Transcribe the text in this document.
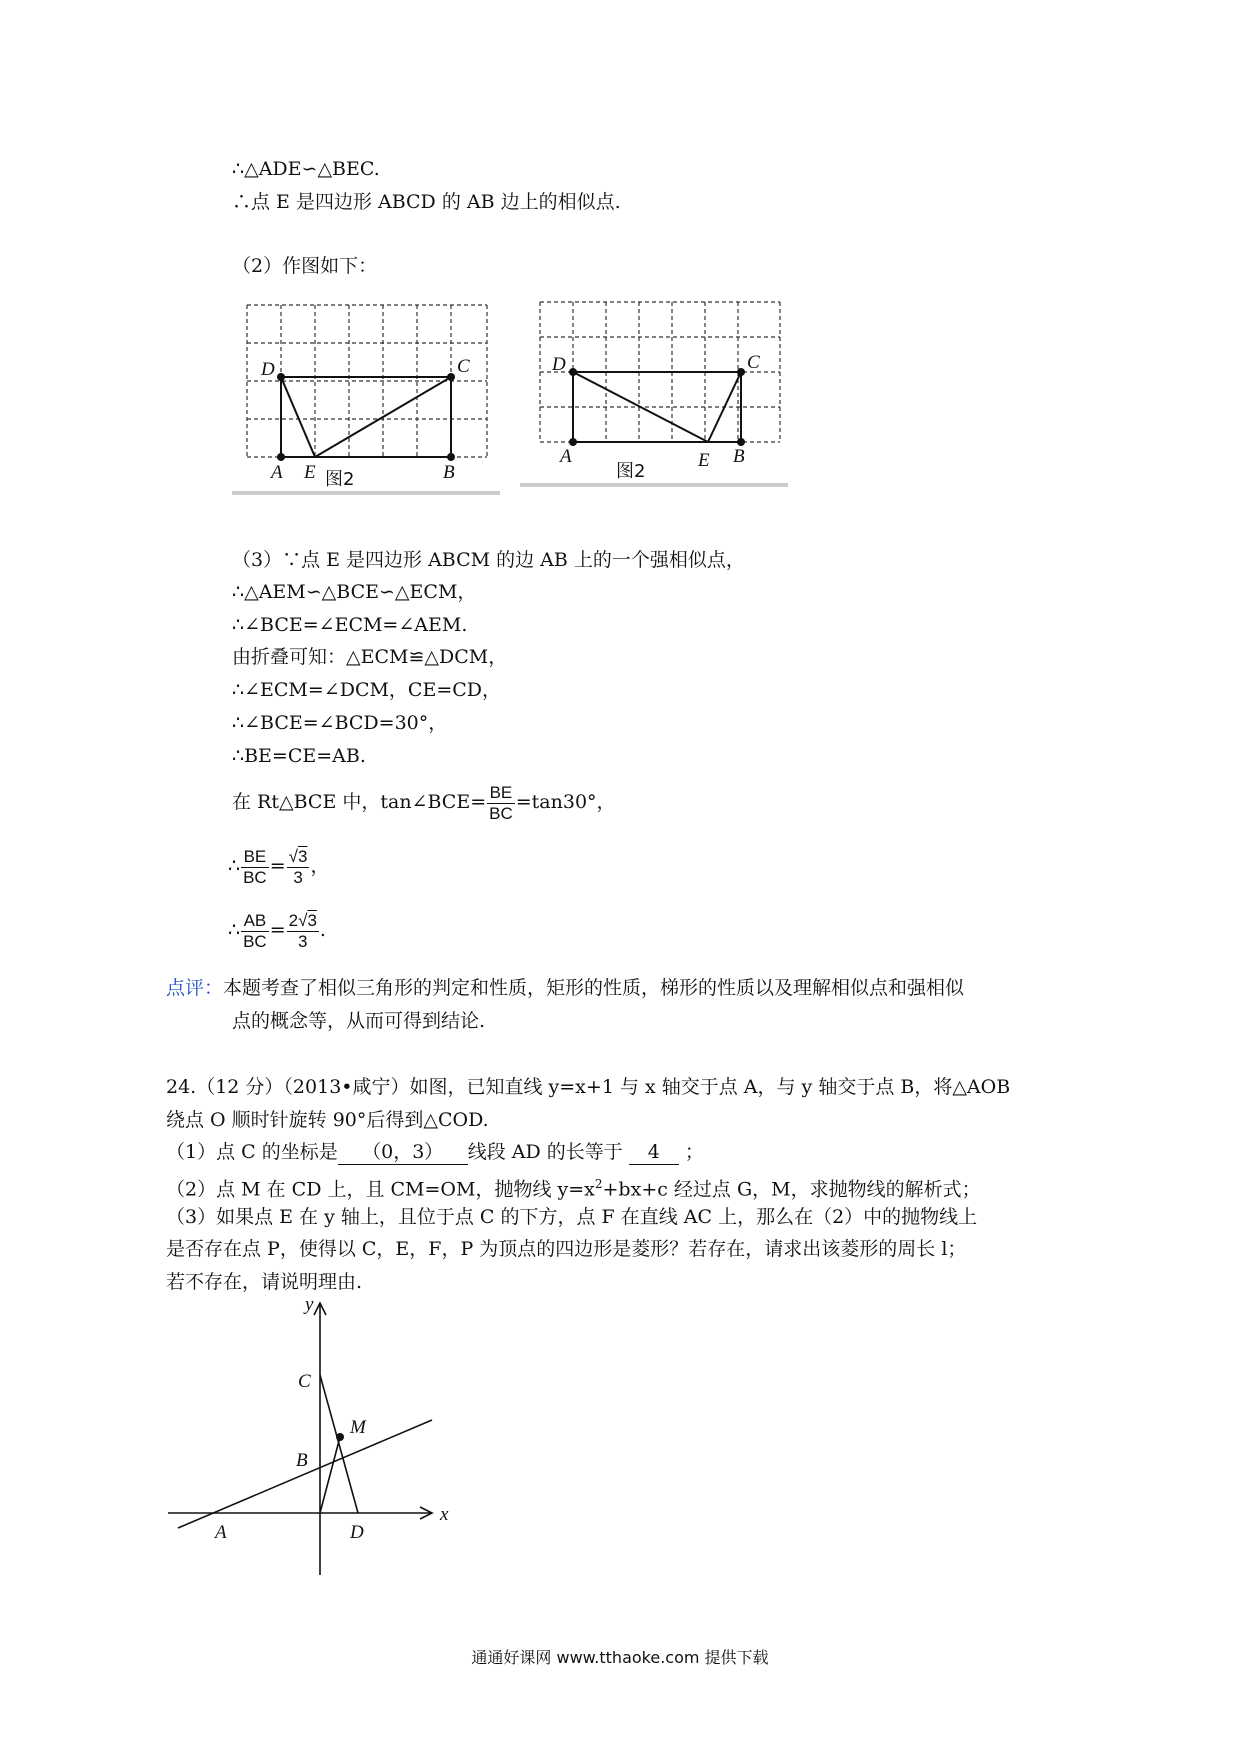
∴△ADE∽△BEC.
∴点 E 是四边形 ABCD 的 AB 边上的相似点.
（2）作图如下：
D	C
A E	B
图2
D	C
A	E B
图2
（3）∵点 E 是四边形 ABCM 的边 AB 上的一个强相似点，
∴△AEM∽△BCE∽△ECM，
∴∠BCE=∠ECM=∠AEM.
由折叠可知：△ECM≌△DCM，
∴∠ECM=∠DCM，CE=CD，
∴∠BCE=∠BCD=30°，
∴BE=CE=AB.
在 Rt△BCE 中，tan∠BCE= $\frac{BE}{BC} =\tan 30^\circ$，
∴ $\frac{BE}{BC} = \frac{√3}{3}$ ，
∴ $\frac{AB}{BC} = \frac{2√3}{3}$ .
点评：本题考查了相似三角形的判定和性质，矩形的性质，梯形的性质以及理解相似点和强相似
点的概念等，从而可得到结论.
24.（12 分）（2013•咸宁）如图，已知直线 y=x+1 与 x 轴交于点 A，与 y 轴交于点 B，将△AOB
绕点 O 顺时针旋转 90°后得到△COD.
（1）点 C 的坐标是 （0，3） 线段 AD 的长等于 4 ；
（2）点 M 在 CD 上，且 CM=OM，抛物线 $y=x^2+bx+c$ 经过点 G，M，求抛物线的解析式；
（3）如果点 E 在 y 轴上，且位于点 C 的下方，点 F 在直线 AC 上，那么在（2）中的抛物线上
是否存在点 P，使得以 C，E，F，P 为顶点的四边形是菱形？若存在，请求出该菱形的周长 l；
若不存在，请说明理由.
y
x
C
M
B
A	D
通通好课网 www.tthaoke.com 提供下载
